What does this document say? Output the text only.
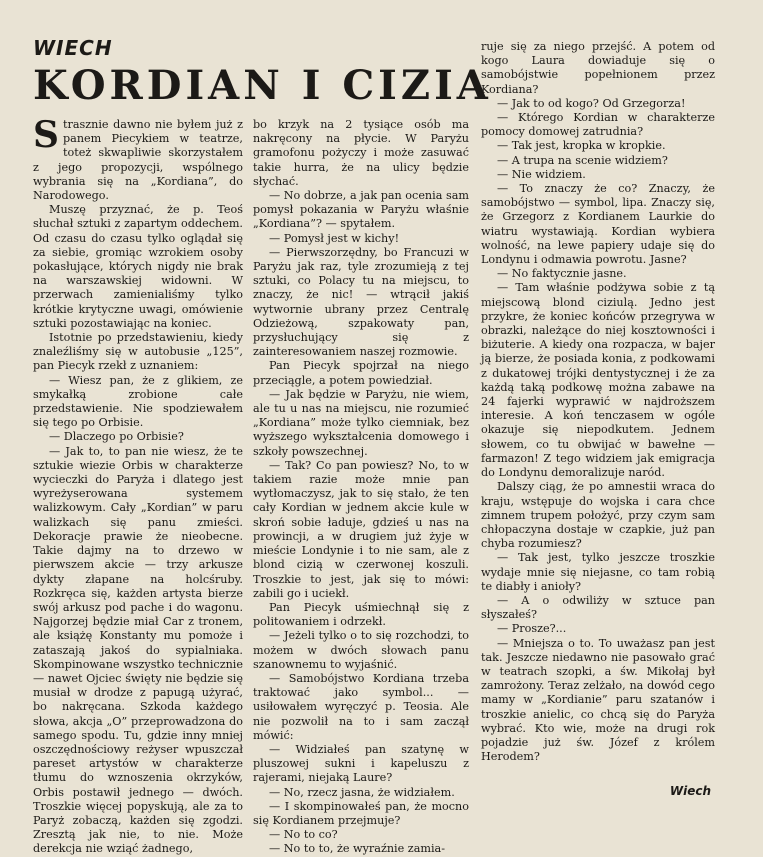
WIECH
KORDIAN I CIZIA

Strasznie dawno nie byłem już z panem Piecykiem w teatrze, toteż skwapliwie skorzystałem z jego propozycji, wspólnego wybrania się na „Kordiana”, do Narodowego.

Muszę przyznać, że p. Teoś słuchał sztuki z zapartym oddechem. Od czasu do czasu tylko oglądał się za siebie, gromiąc wzrokiem osoby pokasłujące, których nigdy nie brak na warszawskiej widowni. W przerwach zamienialiśmy tylko krótkie krytyczne uwagi, omówienie sztuki pozostawiając na koniec.

Istotnie po przedstawieniu, kiedy znaleźliśmy się w autobusie „125”, pan Piecyk rzekł z uznaniem:

— Wiesz pan, że z glikiem, ze smykałką zrobione całe przedstawienie. Nie spodziewałem się tego po Orbisie.

— Dlaczego po Orbisie?

— Jak to, to pan nie wiesz, że te sztukie wiezie Orbis w charakterze wycieczki do Paryża i dlatego jest wyreżyserowana systemem walizkowym. Cały „Kordian” w paru walizkach się panu zmieści. Dekoracje prawie że nieobecne. Takie dajmy na to drzewo w pierwszem akcie — trzy arkusze dykty złapane na holcśruby. Rozkręca się, każden artysta bierze swój arkusz pod pache i do wagonu. Najgorzej będzie miał Car z tronem, ale książę Konstanty mu pomoże i zataszają jakoś do sypialniaka. Skompinowane wszystko technicznie — nawet Ojciec święty nie będzie się musiał w drodze z papugą użyrać, bo nakręcana. Szkoda każdego słowa, akcja „O” przeprowadzona do samego spodu. Tu, gdzie inny mniej oszczędnościowy reżyser wpuszczał pareset artystów w charakterze tłumu do wznoszenia okrzyków, Orbis postawił jednego — dwóch. Troszkie więcej popyskują, ale za to Paryż zobaczą, każden się zgodzi. Zresztą jak nie, to nie. Może derekcja nie wziąć żadnego,

bo krzyk na 2 tysiące osób ma nakręcony na płycie. W Paryżu gramofonu pożyczy i może zasuwać takie hurra, że na ulicy będzie słychać.

— No dobrze, a jak pan ocenia sam pomysł pokazania w Paryżu właśnie „Kordiana”? — spytałem.

— Pomysł jest w kichy!

— Pierwszorzędny, bo Francuzi w Paryżu jak raz, tyle zrozumieją z tej sztuki, co Polacy tu na miejscu, to znaczy, że nic! — wtrącił jakiś wytwornie ubrany przez Centralę Odzieżową, szpakowaty pan, przysłuchujący się z zainteresowaniem naszej rozmowie.

Pan Piecyk spojrzał na niego przeciągle, a potem powiedział.

— Jak będzie w Paryżu, nie wiem, ale tu u nas na miejscu, nie rozumieć „Kordiana” może tylko ciemniak, bez wyższego wykształcenia domowego i szkoły powszechnej.

— Tak? Co pan powiesz? No, to w takiem razie może mnie pan wytłomaczysz, jak to się stało, że ten cały Kordian w jednem akcie kule w skroń sobie ładuje, gdzieś u nas na prowincji, a w drugiem już żyje w mieście Londynie i to nie sam, ale z blond cizią w czerwonej koszuli. Troszkie to jest, jak się to mówi: zabili go i uciekł.

Pan Piecyk uśmiechnął się z politowaniem i odrzekł.

— Jeżeli tylko o to się rozchodzi, to możem w dwóch słowach panu szanownemu to wyjaśnić.

— Samobójstwo Kordiana trzeba traktować jako symbol... — usiłowałem wyręczyć p. Teosia. Ale nie pozwolił na to i sam zaczął mówić:

— Widziałeś pan szatynę w pluszowej sukni i kapeluszu z rajerami, niejaką Laure?

— No, rzecz jasna, że widziałem.

— I skompinowałeś pan, że mocno się Kordianem przejmuje?

— No to co?

— No to to, że wyraźnie zamia-

ruje się za niego przejść. A potem od kogo Laura dowiaduje się o samobójstwie popełnionem przez Kordiana?

— Jak to od kogo? Od Grzegorza!

— Którego Kordian w charakterze pomocy domowej zatrudnia?

— Tak jest, kropka w kropkie.

— A trupa na scenie widziem?

— Nie widziem.

— To znaczy że co? Znaczy, że samobójstwo — symbol, lipa. Znaczy się, że Grzegorz z Kordianem Laurkie do wiatru wystawiają. Kordian wybiera wolność, na lewe papiery udaje się do Londynu i odmawia powrotu. Jasne?

— No faktycznie jasne.

— Tam właśnie podżywa sobie z tą miejscową blond ciziulą. Jedno jest przykre, że koniec końców przegrywa w obrazki, należące do niej kosztowności i biżuterie. A kiedy ona rozpacza, w bajer ją bierze, że posiada konia, z podkowami z dukatowej trójki dentystycznej i że za każdą taką podkowę można zabawe na 24 fajerki wyprawić w najdroższem interesie. A koń tenczasem w ogóle okazuje się niepodkutem. Jednem słowem, co tu obwijać w bawełne — farmazon! Z tego widziem jak emigracja do Londynu demoralizuje naród.

Dalszy ciąg, że po amnestii wraca do kraju, wstępuje do wojska i cara chce zimnem trupem położyć, przy czym sam chłopaczyna dostaje w czapkie, już pan chyba rozumiesz?

— Tak jest, tylko jeszcze troszkie wydaje mnie się niejasne, co tam robią te diabły i anioły?

— A o odwiliży w sztuce pan słyszałeś?

— Prosze?...

— Mniejsza o to. To uważasz pan jest tak. Jeszcze niedawno nie pasowało grać w teatrach szopki, a św. Mikołaj był zamrożony. Teraz zelżało, na dowód cego mamy w „Kordianie” paru szatanów i troszkie anielic, co chcą się do Paryża wybrać. Kto wie, może na drugi rok pojadzie już św. Józef z królem Herodem?

Wiech
